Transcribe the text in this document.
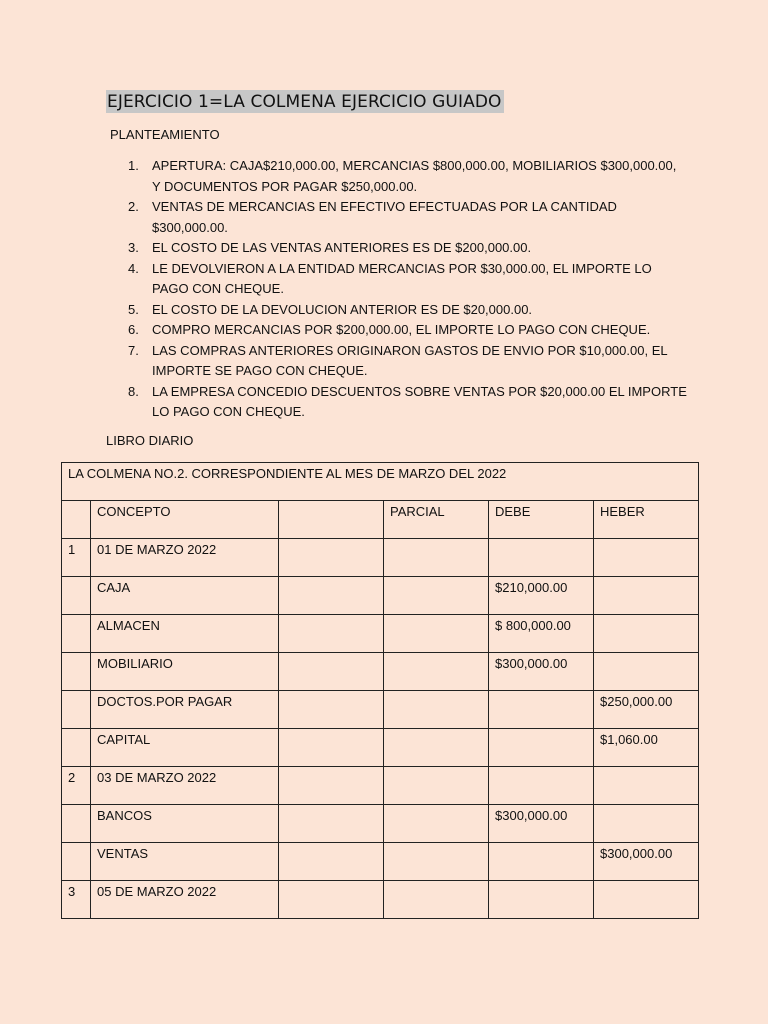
EJERCICIO 1=LA COLMENA EJERCICIO GUIADO
PLANTEAMIENTO
1. APERTURA: CAJA$210,000.00, MERCANCIAS $800,000.00, MOBILIARIOS $300,000.00, Y DOCUMENTOS POR PAGAR $250,000.00.
2. VENTAS DE MERCANCIAS EN EFECTIVO EFECTUADAS POR LA CANTIDAD $300,000.00.
3. EL COSTO DE LAS VENTAS ANTERIORES ES DE $200,000.00.
4. LE DEVOLVIERON A LA ENTIDAD MERCANCIAS POR $30,000.00, EL IMPORTE LO PAGO CON CHEQUE.
5. EL COSTO DE LA DEVOLUCION ANTERIOR ES DE $20,000.00.
6. COMPRO MERCANCIAS POR $200,000.00, EL IMPORTE LO PAGO CON CHEQUE.
7. LAS COMPRAS ANTERIORES ORIGINARON GASTOS DE ENVIO POR $10,000.00, EL IMPORTE SE PAGO CON CHEQUE.
8. LA EMPRESA CONCEDIO DESCUENTOS SOBRE VENTAS POR $20,000.00 EL IMPORTE LO PAGO CON CHEQUE.
LIBRO DIARIO
LA COLMENA NO.2. CORRESPONDIENTE AL MES DE MARZO DEL 2022					
	CONCEPTO		PARCIAL	DEBE	HEBER
1	01 DE MARZO 2022				
	CAJA			$210,000.00	
	ALMACEN			$ 800,000.00	
	MOBILIARIO			$300,000.00	
	DOCTOS.POR PAGAR				$250,000.00
	CAPITAL				$1,060.00
2	03 DE MARZO 2022				
	BANCOS			$300,000.00	
	VENTAS				$300,000.00
3	05 DE MARZO 2022				
